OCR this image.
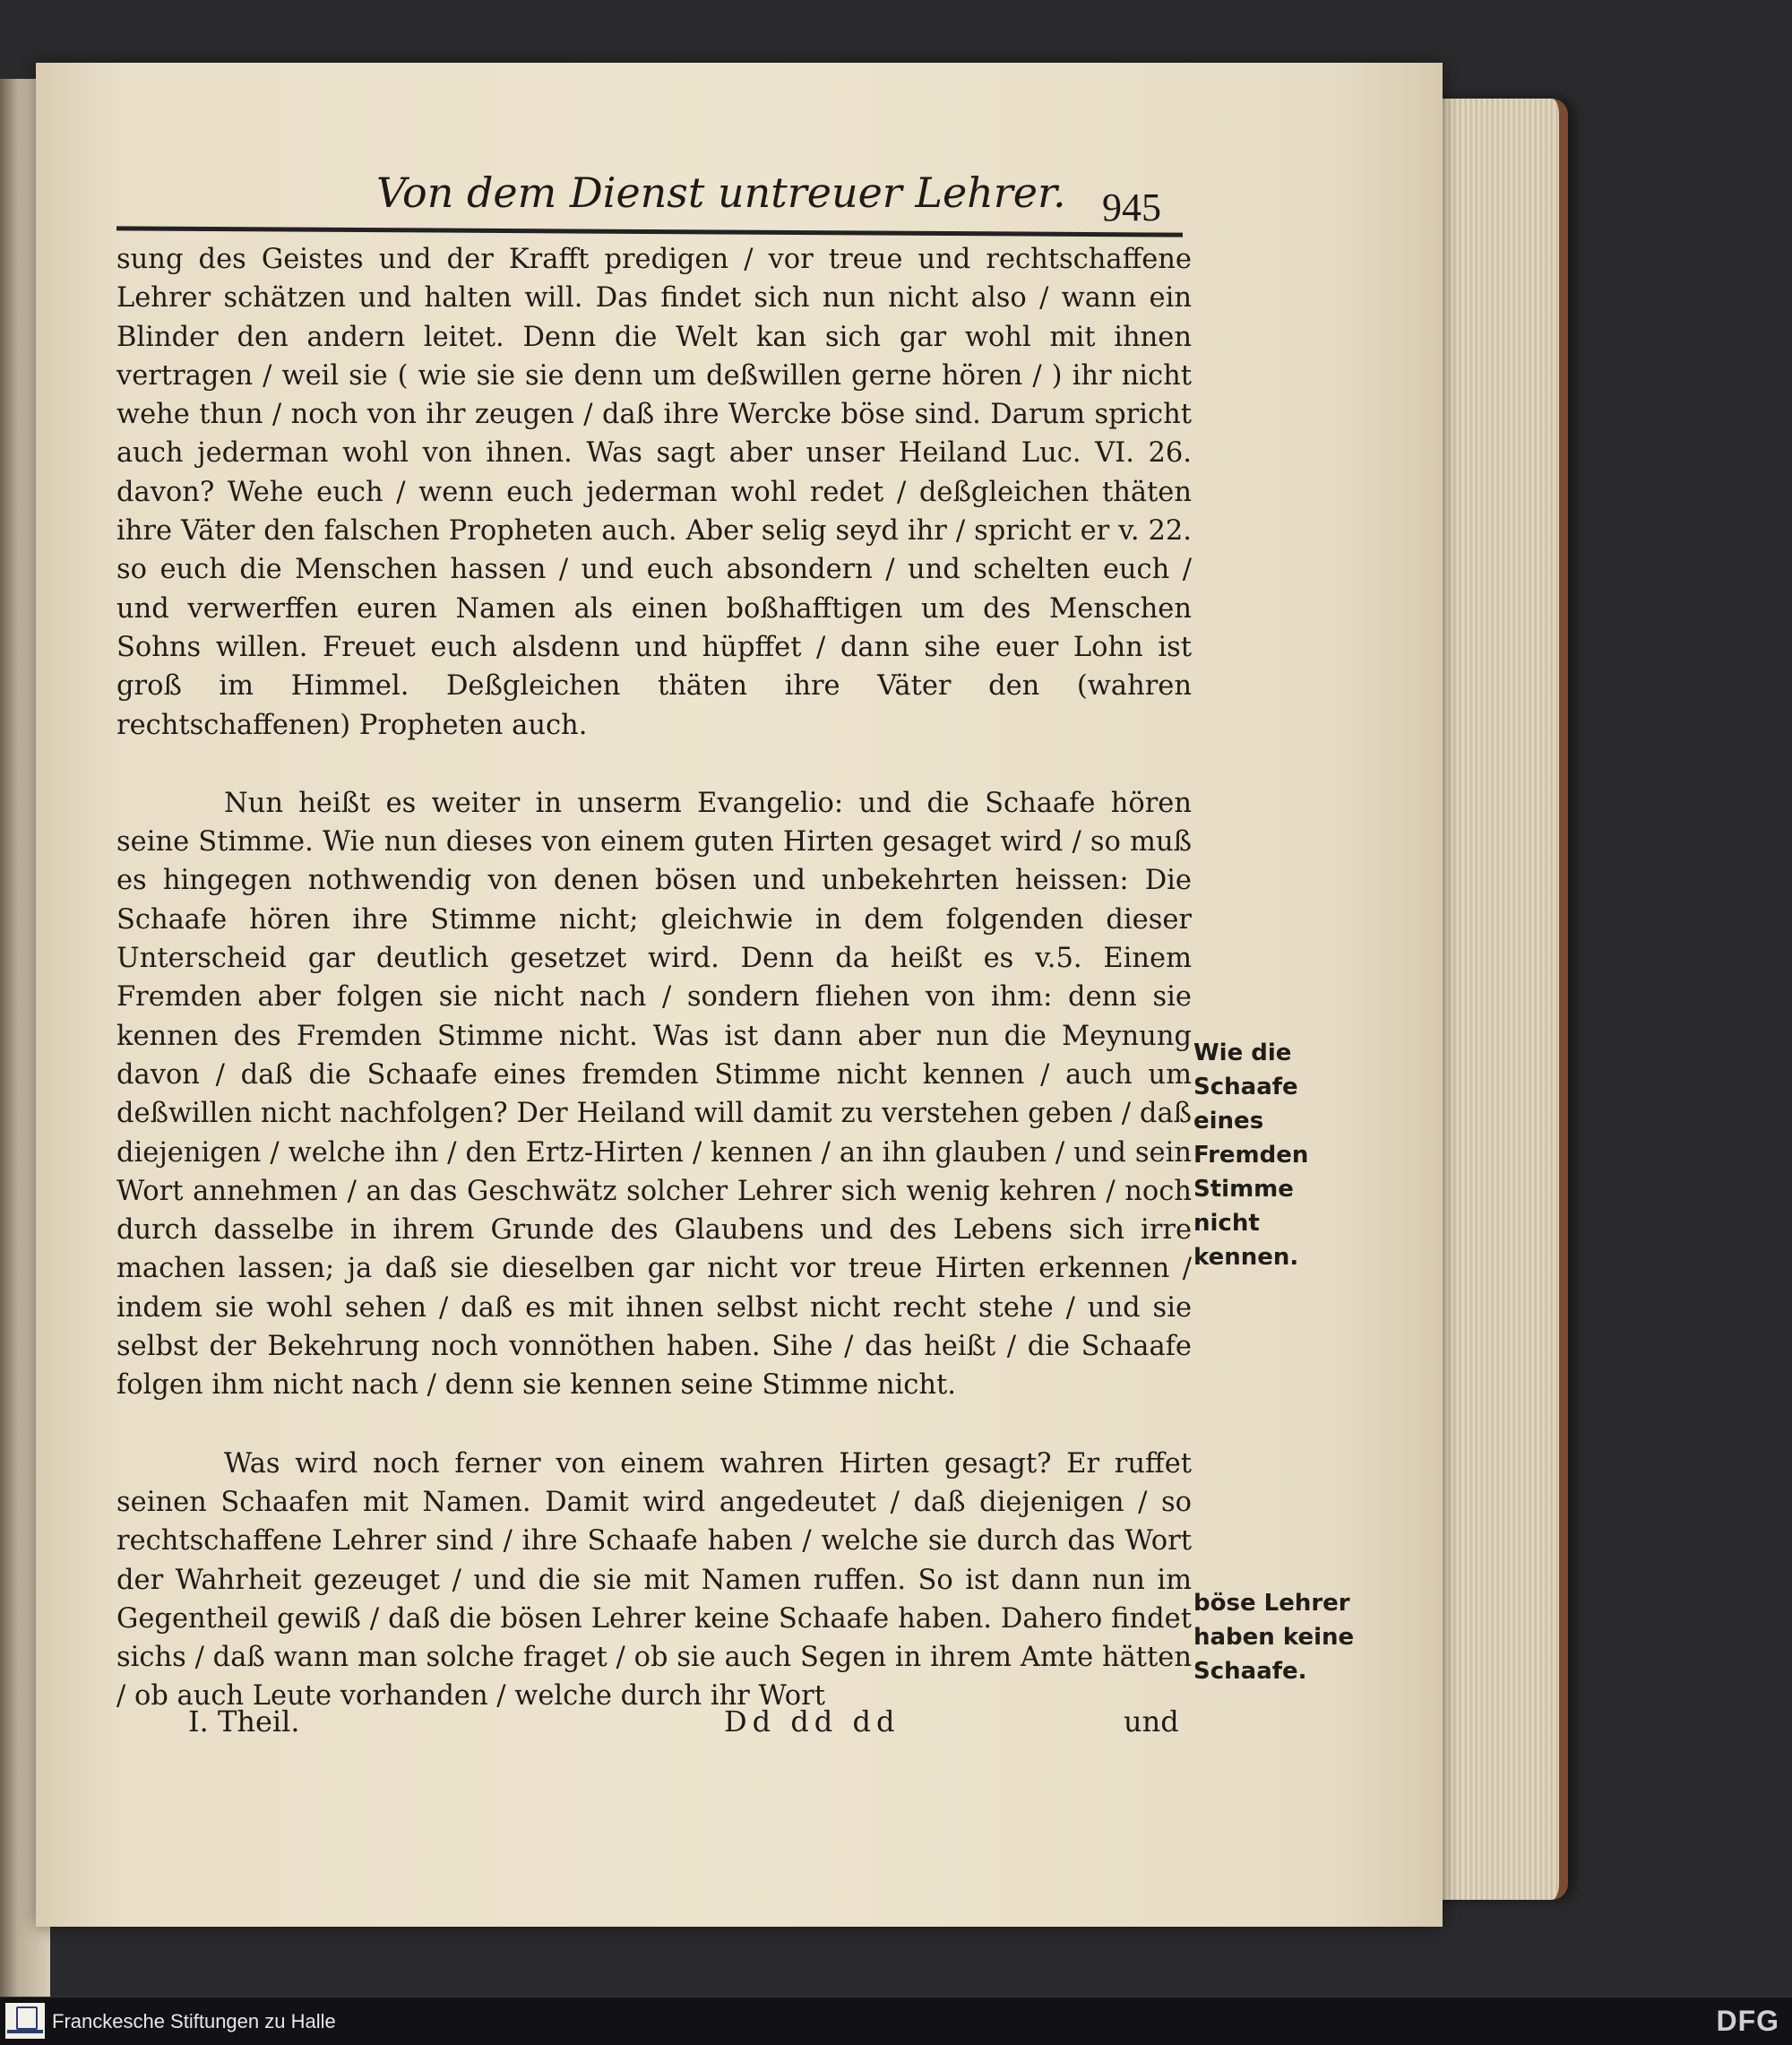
Von dem Dienst untreuer Lehrer. 945

sung des Geistes und der Krafft predigen / vor treue und rechtschaffene Lehrer schätzen und halten will. Das findet sich nun nicht also / wann ein Blinder den andern leitet. Denn die Welt kan sich gar wohl mit ihnen vertragen / weil sie ( wie sie sie denn um deßwillen gerne hören / ) ihr nicht wehe thun / noch von ihr zeugen / daß ihre Wercke böse sind. Darum spricht auch jederman wohl von ihnen. Was sagt aber unser Heiland Luc. VI. 26. davon? Wehe euch / wenn euch jederman wohl redet / deßgleichen thäten ihre Väter den falschen Propheten auch. Aber selig seyd ihr / spricht er v. 22. so euch die Menschen hassen / und euch absondern / und schelten euch / und verwerffen euren Namen als einen boßhafftigen um des Menschen Sohns willen. Freuet euch alsdenn und hüpffet / dann sihe euer Lohn ist groß im Himmel. Deßgleichen thäten ihre Väter den (wahren rechtschaffenen) Propheten auch.

Nun heißt es weiter in unserm Evangelio: und die Schaafe hören seine Stimme. Wie nun dieses von einem guten Hirten gesaget wird / so muß es hingegen nothwendig von denen bösen und unbekehrten heissen: Die Schaafe hören ihre Stimme nicht; gleichwie in dem folgenden dieser Unterscheid gar deutlich gesetzet wird. Denn da heißt es v.5. Einem Fremden aber folgen sie nicht nach / sondern fliehen von ihm: denn sie kennen des Fremden Stimme nicht. Was ist dann aber nun die Meynung davon / daß die Schaafe eines fremden Stimme nicht kennen / auch um deßwillen nicht nachfolgen? Der Heiland will damit zu verstehen geben / daß diejenigen / welche ihn / den Ertz-Hirten / kennen / an ihn glauben / und sein Wort annehmen / an das Geschwätz solcher Lehrer sich wenig kehren / noch durch dasselbe in ihrem Grunde des Glaubens und des Lebens sich irre machen lassen; ja daß sie dieselben gar nicht vor treue Hirten erkennen / indem sie wohl sehen / daß es mit ihnen selbst nicht recht stehe / und sie selbst der Bekehrung noch vonnöthen haben. Sihe / das heißt / die Schaafe folgen ihm nicht nach / denn sie kennen seine Stimme nicht.

Was wird noch ferner von einem wahren Hirten gesagt? Er ruffet seinen Schaafen mit Namen. Damit wird angedeutet / daß diejenigen / so rechtschaffene Lehrer sind / ihre Schaafe haben / welche sie durch das Wort der Wahrheit gezeuget / und die sie mit Namen ruffen. So ist dann nun im Gegentheil gewiß / daß die bösen Lehrer keine Schaafe haben. Dahero findet sichs / daß wann man solche fraget / ob sie auch Segen in ihrem Amte hätten / ob auch Leute vorhanden / welche durch ihr Wort

Wie die Schaafe eines Fremden Stimme nicht kennen.
böse Lehrer haben keine Schaafe.
I. Theil.	Dd dd dd	und
Franckesche Stiftungen zu Halle	DFG
